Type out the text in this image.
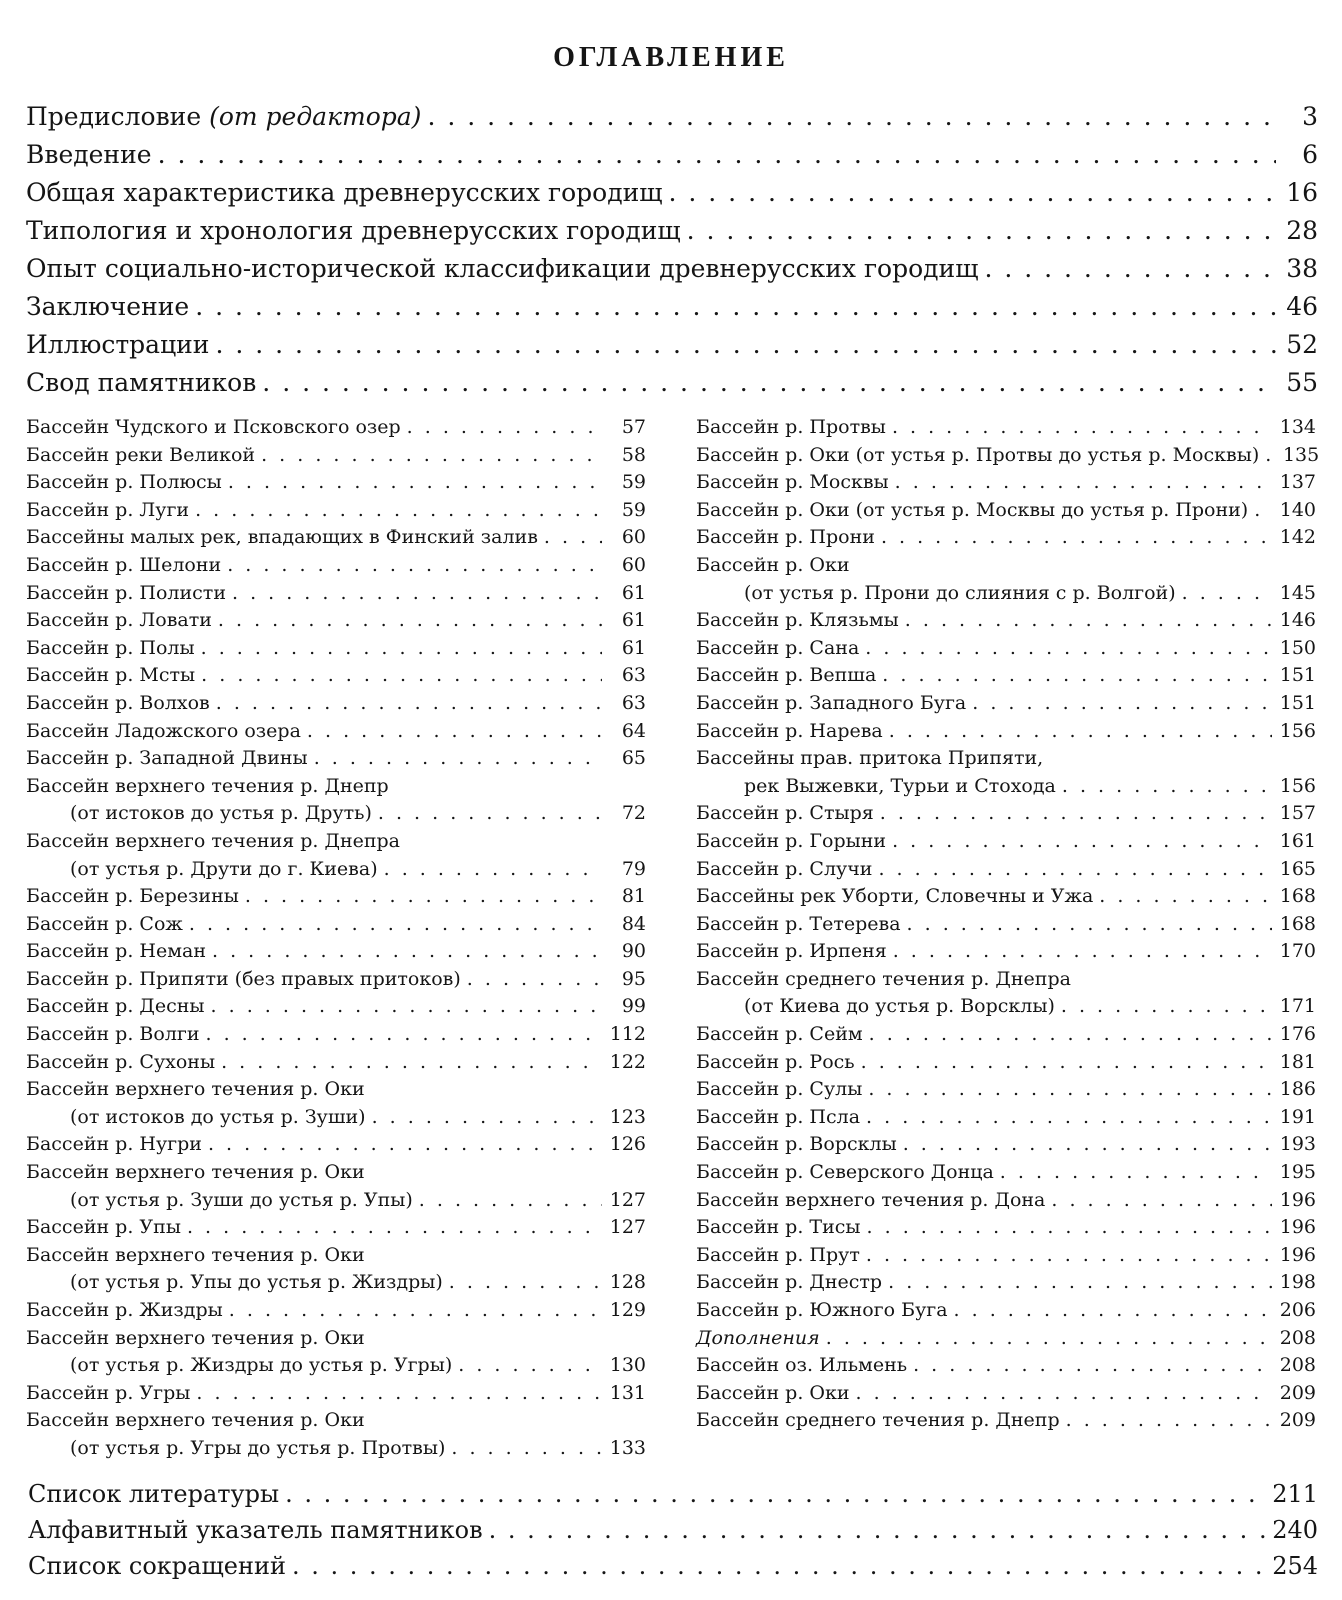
ОГЛАВЛЕНИЕ
Предисловие (от редактора) . . .	3
Введение . . .	6
Общая характеристика древнерусских городищ . . .	16
Типология и хронология древнерусских городищ . . .	28
Опыт социально-исторической классификации древнерусских городищ . . .	38
Заключение . . .	46
Иллюстрации . . .	52
Свод памятников . . .	55
Бассейн Чудского и Псковского озер . . .	57
Бассейн реки Великой . . .	58
Бассейн р. Полюсы . . .	59
Бассейн р. Луги . . .	59
Бассейны малых рек, впадающих в Финский залив . . .	60
Бассейн р. Шелони . . .	60
Бассейн р. Полисти . . .	61
Бассейн р. Ловати . . .	61
Бассейн р. Полы . . .	61
Бассейн р. Мсты . . .	63
Бассейн р. Волхов . . .	63
Бассейн Ладожского озера . . .	64
Бассейн р. Западной Двины . . .	65
Бассейн верхнего течения р. Днепр
(от истоков до устья р. Друть) . . .	72
Бассейн верхнего течения р. Днепра
(от устья р. Друти до г. Киева) . . .	79
Бассейн р. Березины . . .	81
Бассейн р. Сож . . .	84
Бассейн р. Неман . . .	90
Бассейн р. Припяти (без правых притоков) . . .	95
Бассейн р. Десны . . .	99
Бассейн р. Волги . . .	112
Бассейн р. Сухоны . . .	122
Бассейн верхнего течения р. Оки
(от истоков до устья р. Зуши) . . .	123
Бассейн р. Нугри . . .	126
Бассейн верхнего течения р. Оки
(от устья р. Зуши до устья р. Упы) . . .	127
Бассейн р. Упы . . .	127
Бассейн верхнего течения р. Оки
(от устья р. Упы до устья р. Жиздры) . . .	128
Бассейн р. Жиздры . . .	129
Бассейн верхнего течения р. Оки
(от устья р. Жиздры до устья р. Угры) . . .	130
Бассейн р. Угры . . .	131
Бассейн верхнего течения р. Оки
(от устья р. Угры до устья р. Протвы) . . .	133
Бассейн р. Протвы . . .	134
Бассейн р. Оки (от устья р. Протвы до устья р. Москвы) . . . 135
Бассейн р. Москвы . . .	137
Бассейн р. Оки (от устья р. Москвы до устья р. Прони) . . . 140
Бассейн р. Прони . . .	142
Бассейн р. Оки
(от устья р. Прони до слияния с р. Волгой) . . .	145
Бассейн р. Клязьмы . . .	146
Бассейн р. Сана . . .	150
Бассейн р. Вепша . . .	151
Бассейн р. Западного Буга . . .	151
Бассейн р. Нарева . . .	156
Бассейны прав. притока Припяти,
рек Выжевки, Турьи и Стохода . . .	156
Бассейн р. Стыря . . .	157
Бассейн р. Горыни . . .	161
Бассейн р. Случи . . .	165
Бассейны рек Уборти, Словечны и Ужа . . .	168
Бассейн р. Тетерева . . .	168
Бассейн р. Ирпеня . . .	170
Бассейн среднего течения р. Днепра
(от Киева до устья р. Ворсклы) . . .	171
Бассейн р. Сейм . . .	176
Бассейн р. Рось . . .	181
Бассейн р. Сулы . . .	186
Бассейн р. Псла . . .	191
Бассейн р. Ворсклы . . .	193
Бассейн р. Северского Донца . . .	195
Бассейн верхнего течения р. Дона . . .	196
Бассейн р. Тисы . . .	196
Бассейн р. Прут . . .	196
Бассейн р. Днестр . . .	198
Бассейн р. Южного Буга . . .	206
Дополнения . . .	208
Бассейн оз. Ильмень . . .	208
Бассейн р. Оки . . .	209
Бассейн среднего течения р. Днепр . . .	209
Список литературы . . .	211
Алфавитный указатель памятников . . .	240
Список сокращений . . .	254
